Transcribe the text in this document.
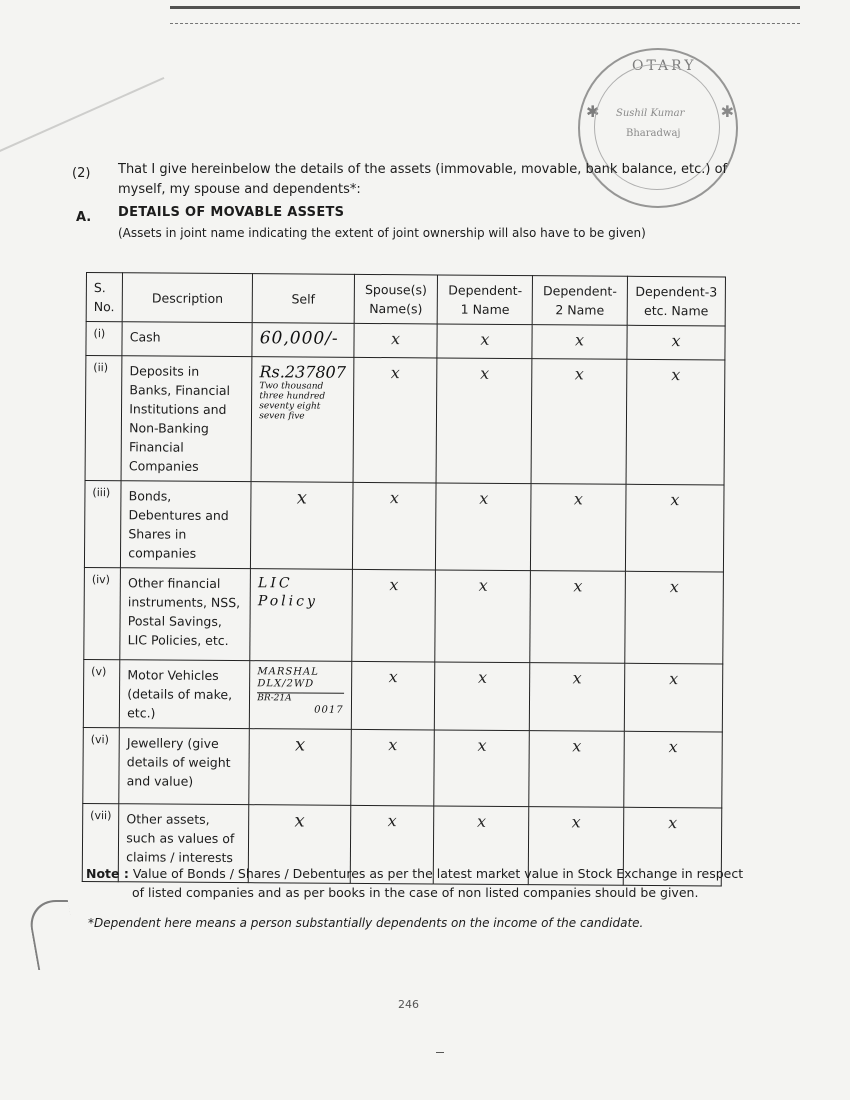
OTARY
✱	✱
Sushil Kumar
Bharadwaj
(2) That I give hereinbelow the details of the assets (immovable, movable, bank balance, etc.) of myself, my spouse and dependents*:
A. DETAILS OF MOVABLE ASSETS
(Assets in joint name indicating the extent of joint ownership will also have to be given)
S. No.	Description	Self	Spouse(s) Name(s)	Dependent-1 Name	Dependent-2 Name	Dependent-3 etc. Name
(i)	Cash	60,000/-	x	x	x	x
(ii)	Deposits in Banks, Financial Institutions and Non-Banking Financial Companies	Rs.237807
Two thousand
three hundred
seventy eight
seven five	x	x	x	x
(iii)	Bonds, Debentures and Shares in companies	x	x	x	x	x
(iv)	Other financial instruments, NSS, Postal Savings, LIC Policies, etc.	LIC
Policy	x	x	x	x
(v)	Motor Vehicles (details of make, etc.)	MARSHAL
DLX/2WD
BR-21A
0017	x	x	x	x
(vi)	Jewellery (give details of weight and value)	x	x	x	x	x
(vii)	Other assets, such as values of claims / interests	x	x	x	x	x
Note : Value of Bonds / Shares / Debentures as per the latest market value in Stock Exchange in respect
of listed companies and as per books in the case of non listed companies should be given.
*Dependent here means a person substantially dependents on the income of the candidate.
246
